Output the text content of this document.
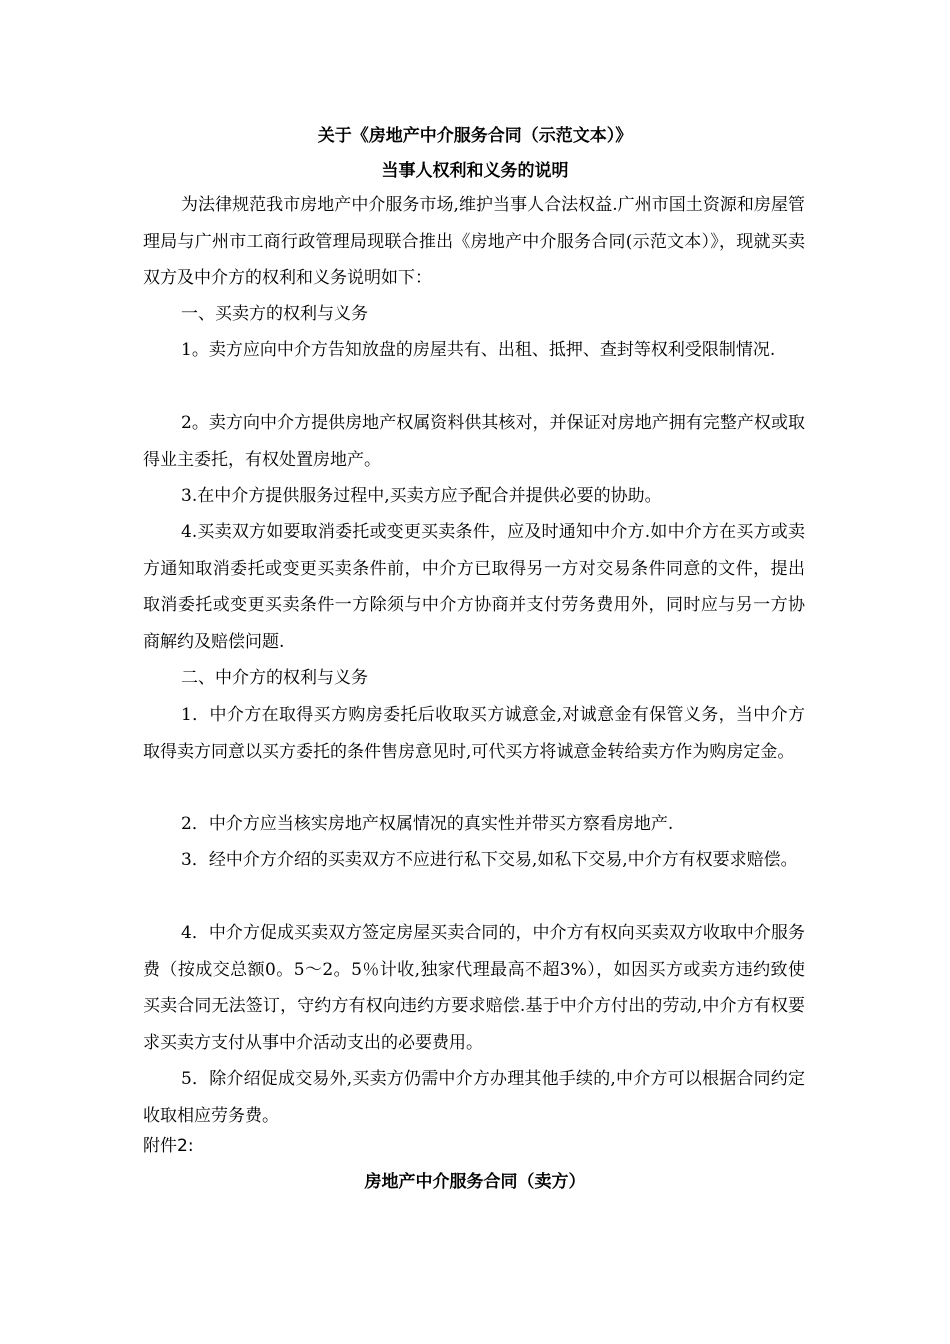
关于《房地产中介服务合同（示范文本）》
当事人权利和义务的说明
为法律规范我市房地产中介服务市场,维护当事人合法权益.广州市国土资源和房屋管理局与广州市工商行政管理局现联合推出《房地产中介服务合同(示范文本）》，现就买卖双方及中介方的权利和义务说明如下：
一、买卖方的权利与义务
1。卖方应向中介方告知放盘的房屋共有、出租、抵押、查封等权利受限制情况.
2。卖方向中介方提供房地产权属资料供其核对，并保证对房地产拥有完整产权或取得业主委托，有权处置房地产。
3.在中介方提供服务过程中,买卖方应予配合并提供必要的协助。
4.买卖双方如要取消委托或变更买卖条件，应及时通知中介方.如中介方在买方或卖方通知取消委托或变更买卖条件前，中介方已取得另一方对交易条件同意的文件，提出取消委托或变更买卖条件一方除须与中介方协商并支付劳务费用外，同时应与另一方协商解约及赔偿问题.
二、中介方的权利与义务
1．中介方在取得买方购房委托后收取买方诚意金,对诚意金有保管义务，当中介方取得卖方同意以买方委托的条件售房意见时,可代买方将诚意金转给卖方作为购房定金。
2．中介方应当核实房地产权属情况的真实性并带买方察看房地产.
3．经中介方介绍的买卖双方不应进行私下交易,如私下交易,中介方有权要求赔偿。
4．中介方促成买卖双方签定房屋买卖合同的，中介方有权向买卖双方收取中介服务费（按成交总额0。5～2。5％计收,独家代理最高不超3%），如因买方或卖方违约致使买卖合同无法签订，守约方有权向违约方要求赔偿.基于中介方付出的劳动,中介方有权要求买卖方支付从事中介活动支出的必要费用。
5．除介绍促成交易外,买卖方仍需中介方办理其他手续的,中介方可以根据合同约定收取相应劳务费。
附件2:
房地产中介服务合同（卖方）
